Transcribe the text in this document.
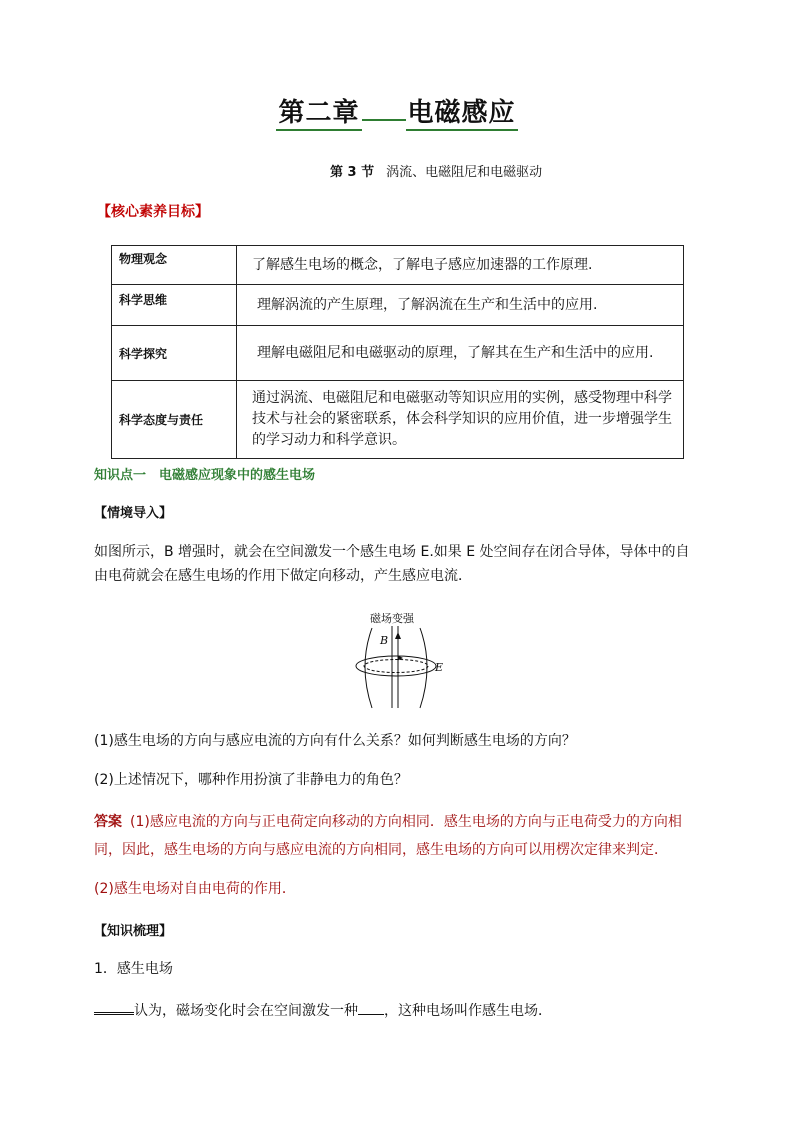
第二章 电磁感应
第 3 节 涡流、电磁阻尼和电磁驱动
【核心素养目标】
物理观念	了解感生电场的概念，了解电子感应加速器的工作原理.
科学思维	理解涡流的产生原理，了解涡流在生产和生活中的应用.
科学探究	理解电磁阻尼和电磁驱动的原理，了解其在生产和生活中的应用.
科学态度与责任	通过涡流、电磁阻尼和电磁驱动等知识应用的实例，感受物理中科学技术与社会的紧密联系，体会科学知识的应用价值，进一步增强学生的学习动力和科学意识。
知识点一　电磁感应现象中的感生电场
【情境导入】
如图所示，B 增强时，就会在空间激发一个感生电场 E.如果 E 处空间存在闭合导体，导体中的自由电荷就会在感生电场的作用下做定向移动，产生感应电流．
磁场变强
B
E
(1)感生电场的方向与感应电流的方向有什么关系？如何判断感生电场的方向？
(2)上述情况下，哪种作用扮演了非静电力的角色？
答案 (1)感应电流的方向与正电荷定向移动的方向相同．感生电场的方向与正电荷受力的方向相同，因此，感生电场的方向与感应电流的方向相同，感生电场的方向可以用楞次定律来判定．
(2)感生电场对自由电荷的作用．
【知识梳理】
1．感生电场
认为，磁场变化时会在空间激发一种 ，这种电场叫作感生电场．
